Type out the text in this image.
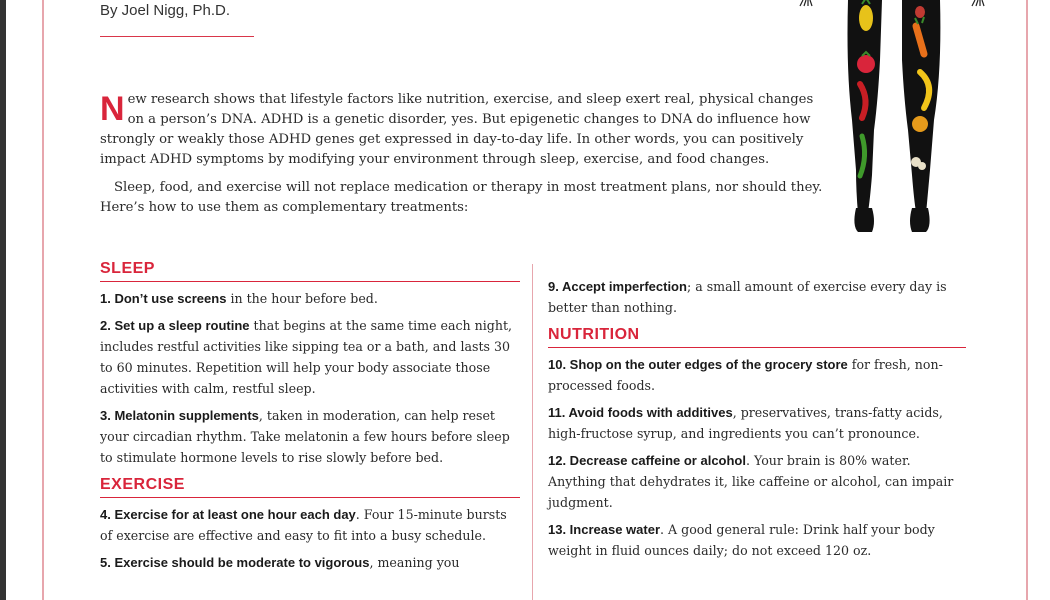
By Joel Nigg, Ph.D.

New research shows that lifestyle factors like nutrition, exercise, and sleep exert real, physical changes on a person’s DNA. ADHD is a genetic disorder, yes. But epigenetic changes to DNA do influence how strongly or weakly those ADHD genes get expressed in day-to-day life. In other words, you can positively impact ADHD symptoms by modifying your environment through sleep, exercise, and food changes.

Sleep, food, and exercise will not replace medication or therapy in most treatment plans, nor should they. Here’s how to use them as complementary treatments:

SLEEP
1. Don’t use screens in the hour before bed.
2. Set up a sleep routine that begins at the same time each night, includes restful activities like sipping tea or a bath, and lasts 30 to 60 minutes. Repetition will help your body associate those activities with calm, restful sleep.
3. Melatonin supplements, taken in moderation, can help reset your circadian rhythm. Take melatonin a few hours before sleep to stimulate hormone levels to rise slowly before bed.
EXERCISE
4. Exercise for at least one hour each day. Four 15-minute bursts of exercise are effective and easy to fit into a busy schedule.
5. Exercise should be moderate to vigorous, meaning you
9. Accept imperfection; a small amount of exercise every day is better than nothing.
NUTRITION
10. Shop on the outer edges of the grocery store for fresh, non-processed foods.
11. Avoid foods with additives, preservatives, trans-fatty acids, high-fructose syrup, and ingredients you can’t pronounce.
12. Decrease caffeine or alcohol. Your brain is 80% water. Anything that dehydrates it, like caffeine or alcohol, can impair judgment.
13. Increase water. A good general rule: Drink half your body weight in fluid ounces daily; do not exceed 120 oz.
